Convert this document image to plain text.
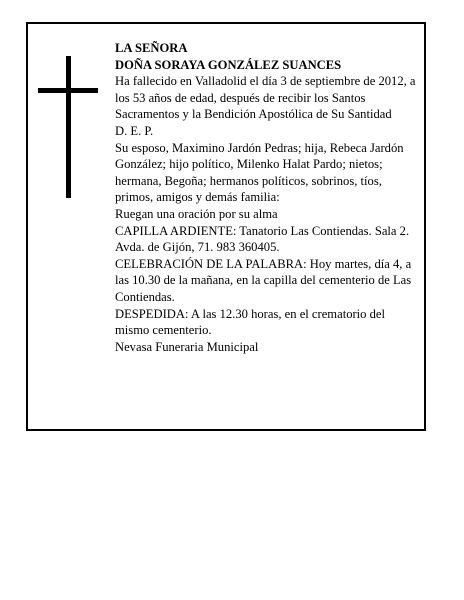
LA SEÑORA

DOÑA SORAYA GONZÁLEZ SUANCES

Ha fallecido en Valladolid el día 3 de septiembre de 2012, a los 53 años de edad, después de recibir los Santos Sacramentos y la Bendición Apostólica de Su Santidad

D. E. P.

Su esposo, Maximino Jardón Pedras; hija, Rebeca Jardón González; hijo político, Milenko Halat Pardo; nietos; hermana, Begoña; hermanos políticos, sobrinos, tíos, primos, amigos y demás familia:

Ruegan una oración por su alma

CAPILLA ARDIENTE: Tanatorio Las Contiendas. Sala 2. Avda. de Gijón, 71. 983 360405.

CELEBRACIÓN DE LA PALABRA: Hoy martes, día 4, a las 10.30 de la mañana, en la capilla del cementerio de Las Contiendas.

DESPEDIDA: A las 12.30 horas, en el crematorio del mismo cementerio.

Nevasa Funeraria Municipal
